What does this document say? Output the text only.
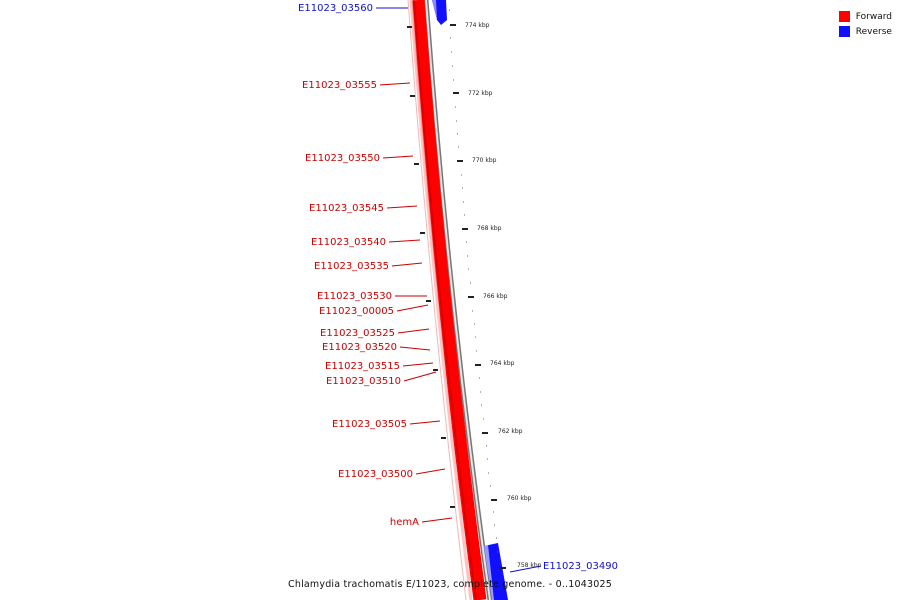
774 kbp
772 kbp
770 kbp
768 kbp
766 kbp
764 kbp
762 kbp
760 kbp
758 kbp
E11023_03560
E11023_03555
E11023_03550
E11023_03545
E11023_03540
E11023_03535
E11023_03530
E11023_00005
E11023_03525
E11023_03520
E11023_03515
E11023_03510
E11023_03505
E11023_03500
hemA
E11023_03490
Forward
Reverse
Chlamydia trachomatis E/11023, complete genome. - 0..1043025
